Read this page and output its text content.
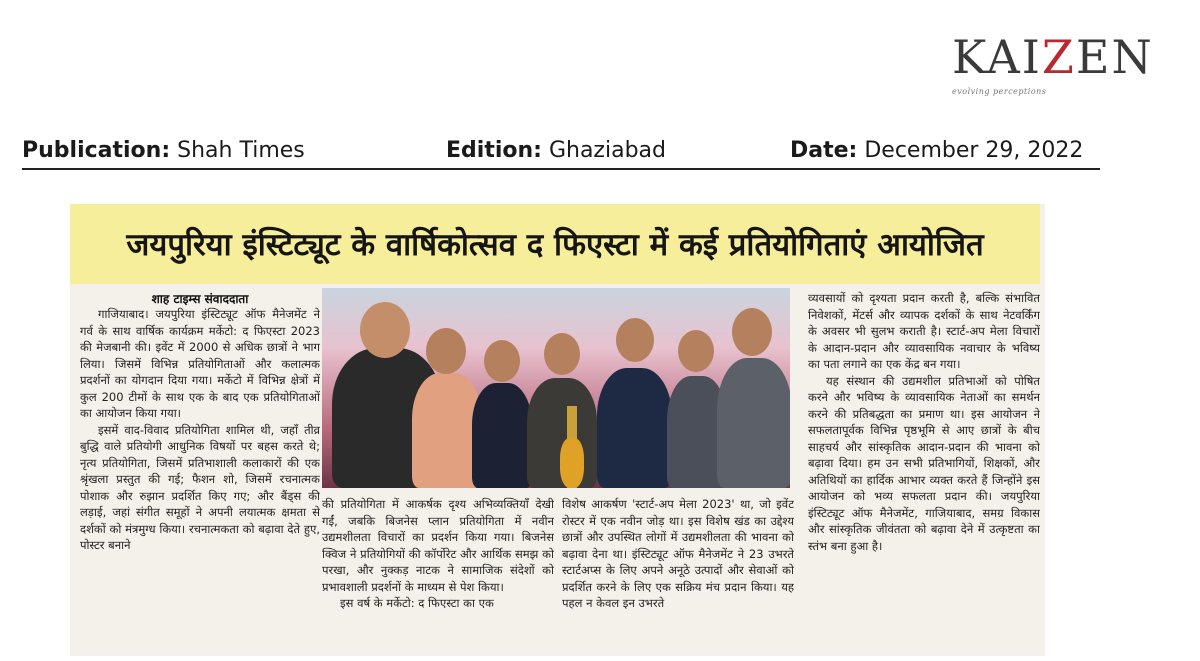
KAIZEN
evolving perceptions
Publication: Shah Times	Edition: Ghaziabad	Date: December 29, 2022
जयपुरिया इंस्टिट्यूट के वार्षिकोत्सव द फिएस्टा में कई प्रतियोगिताएं आयोजित
शाह टाइम्स संवाददाता

गाजियाबाद। जयपुरिया इंस्टिट्यूट ऑफ मैनेजमेंट ने गर्व के साथ वार्षिक कार्यक्रम मर्केटो: द फिएस्टा 2023 की मेजबानी की। इवेंट में 2000 से अधिक छात्रों ने भाग लिया। जिसमें विभिन्न प्रतियोगिताओं और कलात्मक प्रदर्शनों का योगदान दिया गया। मर्केटो में विभिन्न क्षेत्रों में कुल 200 टीमों के साथ एक के बाद एक प्रतियोगिताओं का आयोजन किया गया।

इसमें वाद-विवाद प्रतियोगिता शामिल थी, जहाँ तीव्र बुद्धि वाले प्रतियोगी आधुनिक विषयों पर बहस करते थे; नृत्य प्रतियोगिता, जिसमें प्रतिभाशाली कलाकारों की एक श्रृंखला प्रस्तुत की गई; फैशन शो, जिसमें रचनात्मक पोशाक और रुझान प्रदर्शित किए गए; और बैंड्स की लड़ाई, जहां संगीत समूहों ने अपनी लयात्मक क्षमता से दर्शकों को मंत्रमुग्ध किया। रचनात्मकता को बढ़ावा देते हुए, पोस्टर बनाने

की प्रतियोगिता में आकर्षक दृश्य अभिव्यक्तियाँ देखी गईं, जबकि बिजनेस प्लान प्रतियोगिता में नवीन उद्यमशीलता विचारों का प्रदर्शन किया गया। बिजनेस क्विज ने प्रतियोगियों की कॉर्पोरेट और आर्थिक समझ को परखा, और नुक्कड़ नाटक ने सामाजिक संदेशों को प्रभावशाली प्रदर्शनों के माध्यम से पेश किया।

इस वर्ष के मर्केटो: द फिएस्टा का एक

विशेष आकर्षण 'स्टार्ट-अप मेला 2023' था, जो इवेंट रोस्टर में एक नवीन जोड़ था। इस विशेष खंड का उद्देश्य छात्रों और उपस्थित लोगों में उद्यमशीलता की भावना को बढ़ावा देना था। इंस्टिट्यूट ऑफ मैनेजमेंट ने 23 उभरते स्टार्टअप्स के लिए अपने अनूठे उत्पादों और सेवाओं को प्रदर्शित करने के लिए एक सक्रिय मंच प्रदान किया। यह पहल न केवल इन उभरते

व्यवसायों को दृश्यता प्रदान करती है, बल्कि संभावित निवेशकों, मेंटर्स और व्यापक दर्शकों के साथ नेटवर्किंग के अवसर भी सुलभ कराती है। स्टार्ट-अप मेला विचारों के आदान-प्रदान और व्यावसायिक नवाचार के भविष्य का पता लगाने का एक केंद्र बन गया।

यह संस्थान की उद्यमशील प्रतिभाओं को पोषित करने और भविष्य के व्यावसायिक नेताओं का समर्थन करने की प्रतिबद्धता का प्रमाण था। इस आयोजन ने सफलतापूर्वक विभिन्न पृष्ठभूमि से आए छात्रों के बीच साहचर्य और सांस्कृतिक आदान-प्रदान की भावना को बढ़ावा दिया। हम उन सभी प्रतिभागियों, शिक्षकों, और अतिथियों का हार्दिक आभार व्यक्त करते हैं जिन्होंने इस आयोजन को भव्य सफलता प्रदान की। जयपुरिया इंस्टिट्यूट ऑफ मैनेजमेंट, गाजियाबाद, समग्र विकास और सांस्कृतिक जीवंतता को बढ़ावा देने में उत्कृष्टता का स्तंभ बना हुआ है।
